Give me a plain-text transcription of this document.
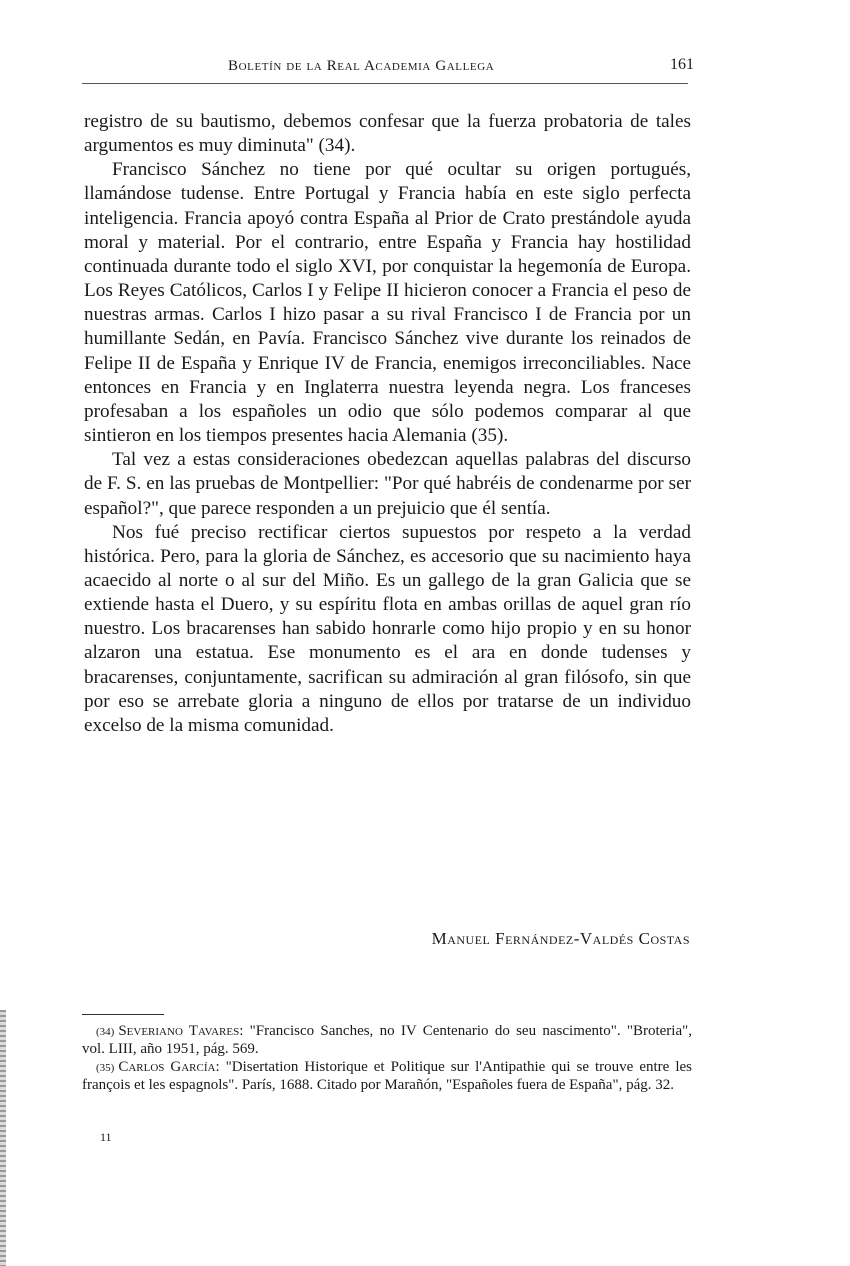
Boletín de la Real Academia Gallega	161

registro de su bautismo, debemos confesar que la fuerza probatoria de tales argumentos es muy diminuta" (34).

Francisco Sánchez no tiene por qué ocultar su origen portugués, llamándose tudense. Entre Portugal y Francia había en este siglo perfecta inteligencia. Francia apoyó contra España al Prior de Crato prestándole ayuda moral y material. Por el contrario, entre España y Francia hay hostilidad continuada durante todo el siglo XVI, por conquistar la hegemonía de Europa. Los Reyes Católicos, Carlos I y Felipe II hicieron conocer a Francia el peso de nuestras armas. Carlos I hizo pasar a su rival Francisco I de Francia por un humillante Sedán, en Pavía. Francisco Sánchez vive durante los reinados de Felipe II de España y Enrique IV de Francia, enemigos irreconciliables. Nace entonces en Francia y en Inglaterra nuestra leyenda negra. Los franceses profesaban a los españoles un odio que sólo podemos comparar al que sintieron en los tiempos presentes hacia Alemania (35).

Tal vez a estas consideraciones obedezcan aquellas palabras del discurso de F. S. en las pruebas de Montpellier: "Por qué habréis de condenarme por ser español?", que parece responden a un prejuicio que él sentía.

Nos fué preciso rectificar ciertos supuestos por respeto a la verdad histórica. Pero, para la gloria de Sánchez, es accesorio que su nacimiento haya acaecido al norte o al sur del Miño. Es un gallego de la gran Galicia que se extiende hasta el Duero, y su espíritu flota en ambas orillas de aquel gran río nuestro. Los bracarenses han sabido honrarle como hijo propio y en su honor alzaron una estatua. Ese monumento es el ara en donde tudenses y bracarenses, conjuntamente, sacrifican su admiración al gran filósofo, sin que por eso se arrebate gloria a ninguno de ellos por tratarse de un individuo excelso de la misma comunidad.

Manuel Fernández-Valdés Costas

(34) Severiano Tavares: "Francisco Sanches, no IV Centenario do seu nascimento". "Broteria", vol. LIII, año 1951, pág. 569.

(35) Carlos García: "Disertation Historique et Politique sur l'Antipathie qui se trouve entre les françois et les espagnols". París, 1688. Citado por Marañón, "Españoles fuera de España", pág. 32.

11
